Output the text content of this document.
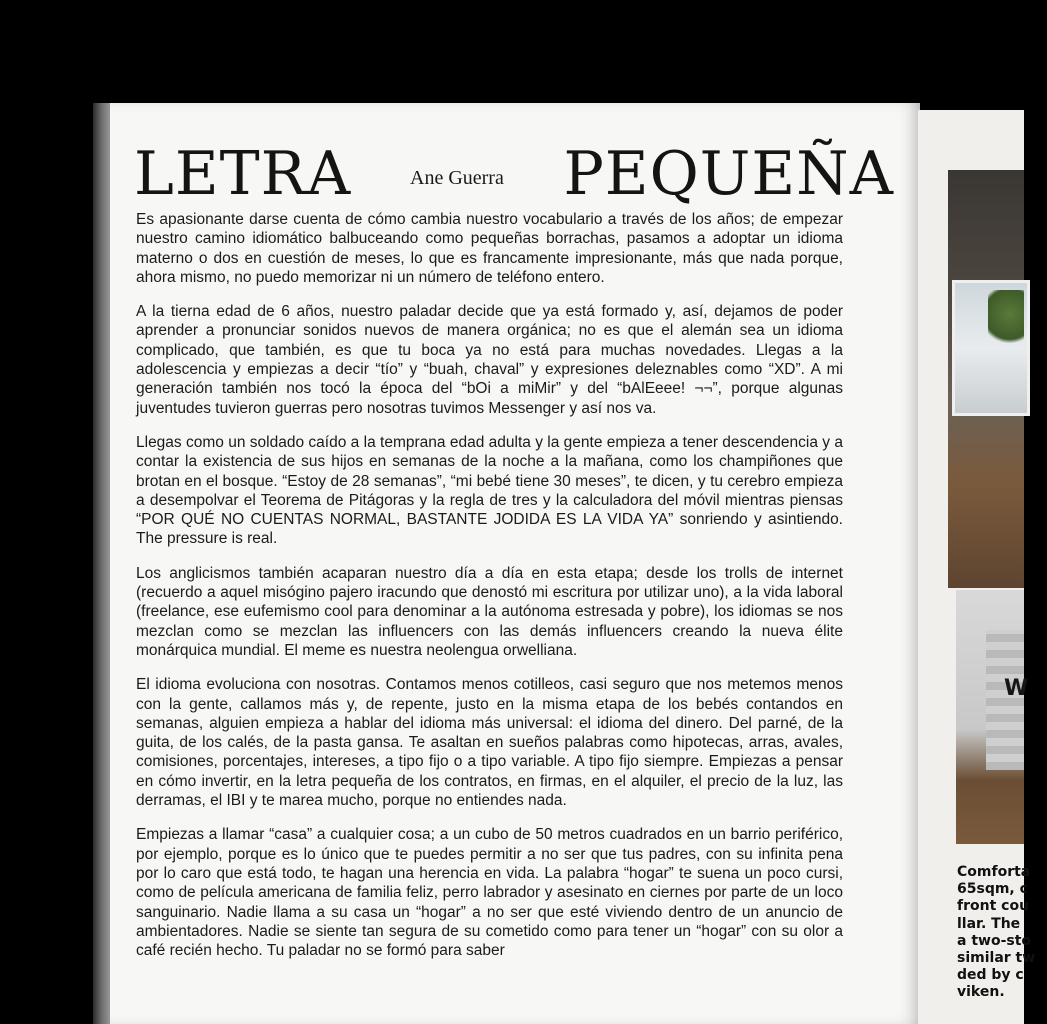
LETRA	Ane Guerra PEQUEÑA

Es apasionante darse cuenta de cómo cambia nuestro vocabulario a través de los años; de empezar nuestro camino idiomático balbuceando como pequeñas borrachas, pasamos a adoptar un idioma materno o dos en cuestión de meses, lo que es francamente impresionante, más que nada porque, ahora mismo, no puedo memorizar ni un número de teléfono entero.

A la tierna edad de 6 años, nuestro paladar decide que ya está formado y, así, dejamos de poder aprender a pronunciar sonidos nuevos de manera orgánica; no es que el alemán sea un idioma complicado, que también, es que tu boca ya no está para muchas novedades. Llegas a la adolescencia y empiezas a decir “tío” y “buah, chaval” y expresiones deleznables como “XD”. A mi generación también nos tocó la época del “bOi a miMir” y del “bAlEeee! ¬¬”, porque algunas juventudes tuvieron guerras pero nosotras tuvimos Messenger y así nos va.

Llegas como un soldado caído a la temprana edad adulta y la gente empieza a tener descendencia y a contar la existencia de sus hijos en semanas de la noche a la mañana, como los champiñones que brotan en el bosque. “Estoy de 28 semanas”, “mi bebé tiene 30 meses”, te dicen, y tu cerebro empieza a desempolvar el Teorema de Pitágoras y la regla de tres y la calculadora del móvil mientras piensas “POR QUÉ NO CUENTAS NORMAL, BASTANTE JODIDA ES LA VIDA YA” sonriendo y asintiendo. The pressure is real.

Los anglicismos también acaparan nuestro día a día en esta etapa; desde los trolls de internet (recuerdo a aquel misógino pajero iracundo que denostó mi escritura por utilizar uno), a la vida laboral (freelance, ese eufemismo cool para denominar a la autónoma estresada y pobre), los idiomas se nos mezclan como se mezclan las influencers con las demás influencers creando la nueva élite monárquica mundial. El meme es nuestra neolengua orwelliana.

El idioma evoluciona con nosotras. Contamos menos cotilleos, casi seguro que nos metemos menos con la gente, callamos más y, de repente, justo en la misma etapa de los bebés contandos en semanas, alguien empieza a hablar del idioma más universal: el idioma del dinero. Del parné, de la guita, de los calés, de la pasta gansa. Te asaltan en sueños palabras como hipotecas, arras, avales, comisiones, porcentajes, intereses, a tipo fijo o a tipo variable. A tipo fijo siempre. Empiezas a pensar en cómo invertir, en la letra pequeña de los contratos, en firmas, en el alquiler, el precio de la luz, las derramas, el IBI y te marea mucho, porque no entiendes nada.

Empiezas a llamar “casa” a cualquier cosa; a un cubo de 50 metros cuadrados en un barrio periférico, por ejemplo, porque es lo único que te puedes permitir a no ser que tus padres, con su infinita pena por lo caro que está todo, te hagan una herencia en vida. La palabra “hogar” te suena un poco cursi, como de película americana de familia feliz, perro labrador y asesinato en ciernes por parte de un loco sanguinario. Nadie llama a su casa un “hogar” a no ser que esté viviendo dentro de un anuncio de ambientadores. Nadie se siente tan segura de su cometido como para tener un “hogar” con su olor a café recién hecho. Tu paladar no se formó para saber

W
Comforta
65sqm, c
front cou
llar. The
a two-sto
similar tw
ded by c
viken.
